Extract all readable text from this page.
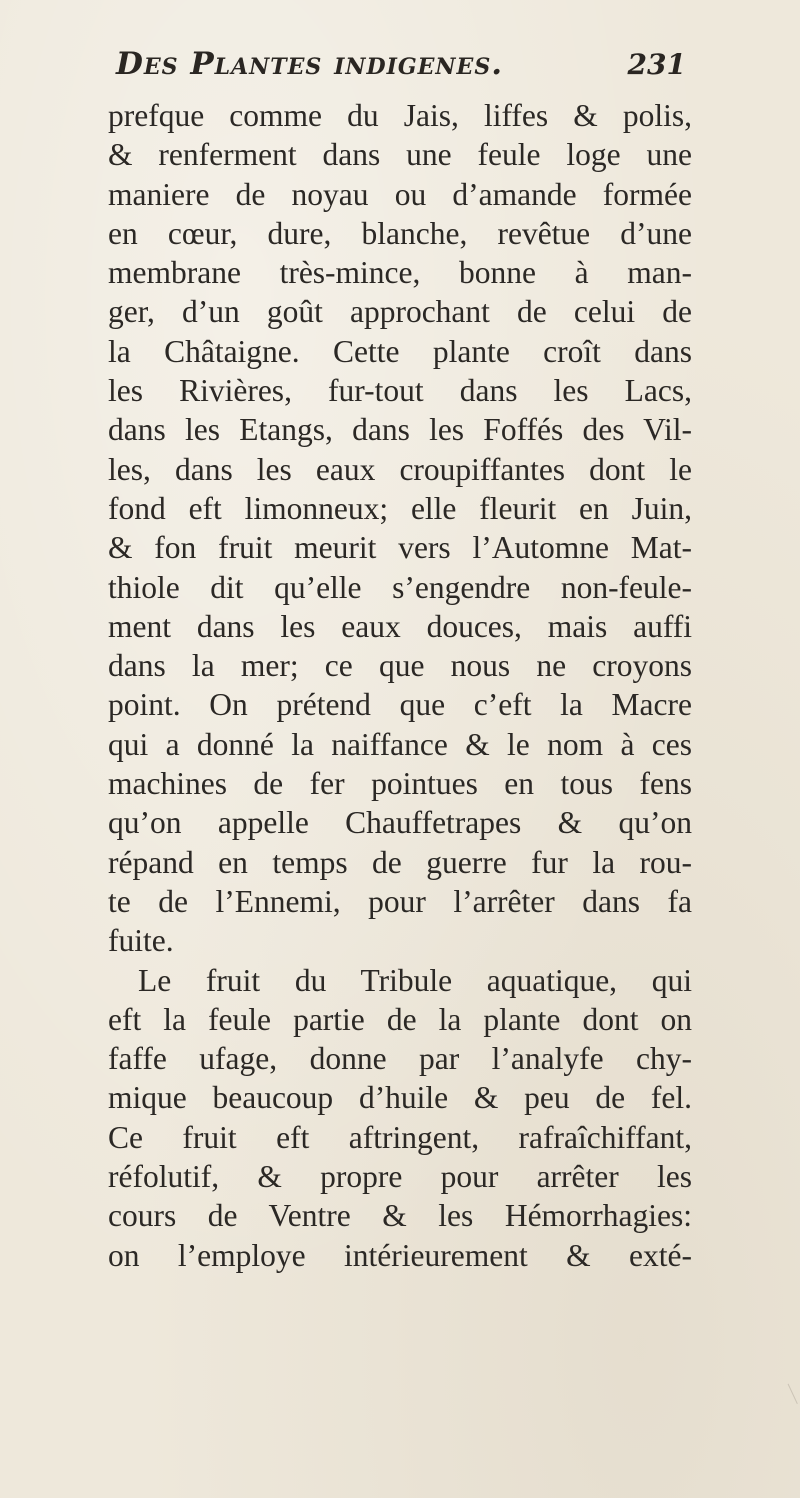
Des Plantes indigenes.	231
prefque comme du Jais, liffes & polis,
& renferment dans une feule loge une
maniere de noyau ou d’amande formée
en cœur, dure, blanche, revêtue d’une
membrane très-mince, bonne à man-
ger, d’un goût approchant de celui de
la Châtaigne. Cette plante croît dans
les Rivières, fur-tout dans les Lacs,
dans les Etangs, dans les Foffés des Vil-
les, dans les eaux croupiffantes dont le
fond eft limonneux; elle fleurit en Juin,
& fon fruit meurit vers l’Automne Mat-
thiole dit qu’elle s’engendre non-feule-
ment dans les eaux douces, mais auffi
dans la mer; ce que nous ne croyons
point. On prétend que c’eft la Macre
qui a donné la naiffance & le nom à ces
machines de fer pointues en tous fens
qu’on appelle Chauffetrapes & qu’on
répand en temps de guerre fur la rou-
te de l’Ennemi, pour l’arrêter dans fa
fuite.
Le fruit du Tribule aquatique, qui
eft la feule partie de la plante dont on
faffe ufage, donne par l’analyfe chy-
mique beaucoup d’huile & peu de fel.
Ce fruit eft aftringent, rafraîchiffant,
réfolutif, & propre pour arrêter les
cours de Ventre & les Hémorrhagies:
on l’employe intérieurement & exté-
